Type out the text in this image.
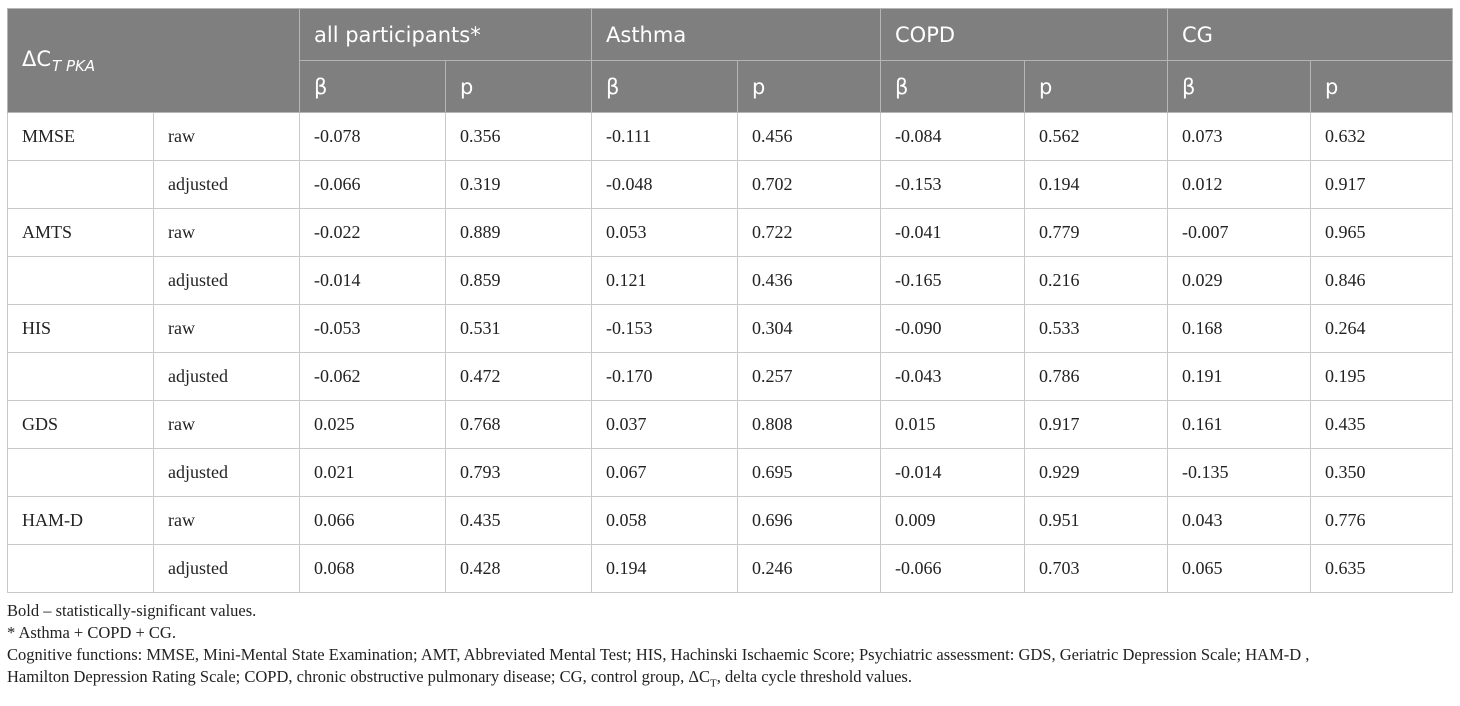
$\Delta C_{T PKA}$		all participants*		Asthma		COPD		CG	
		β	p	β	p	β	p	β	p
MMSE	raw	-0.078	0.356	-0.111	0.456	-0.084	0.562	0.073	0.632
	adjusted	-0.066	0.319	-0.048	0.702	-0.153	0.194	0.012	0.917
AMTS	raw	-0.022	0.889	0.053	0.722	-0.041	0.779	-0.007	0.965
	adjusted	-0.014	0.859	0.121	0.436	-0.165	0.216	0.029	0.846
HIS	raw	-0.053	0.531	-0.153	0.304	-0.090	0.533	0.168	0.264
	adjusted	-0.062	0.472	-0.170	0.257	-0.043	0.786	0.191	0.195
GDS	raw	0.025	0.768	0.037	0.808	0.015	0.917	0.161	0.435
	adjusted	0.021	0.793	0.067	0.695	-0.014	0.929	-0.135	0.350
HAM-D	raw	0.066	0.435	0.058	0.696	0.009	0.951	0.043	0.776
	adjusted	0.068	0.428	0.194	0.246	-0.066	0.703	0.065	0.635

Bold – statistically-significant values.

* Asthma + COPD + CG.

Cognitive functions: MMSE, Mini-Mental State Examination; AMT, Abbreviated Mental Test; HIS, Hachinski Ischaemic Score; Psychiatric assessment: GDS, Geriatric Depression Scale; HAM-D ,

Hamilton Depression Rating Scale; COPD, chronic obstructive pulmonary disease; CG, control group, $\Delta C_T$, delta cycle threshold values.
